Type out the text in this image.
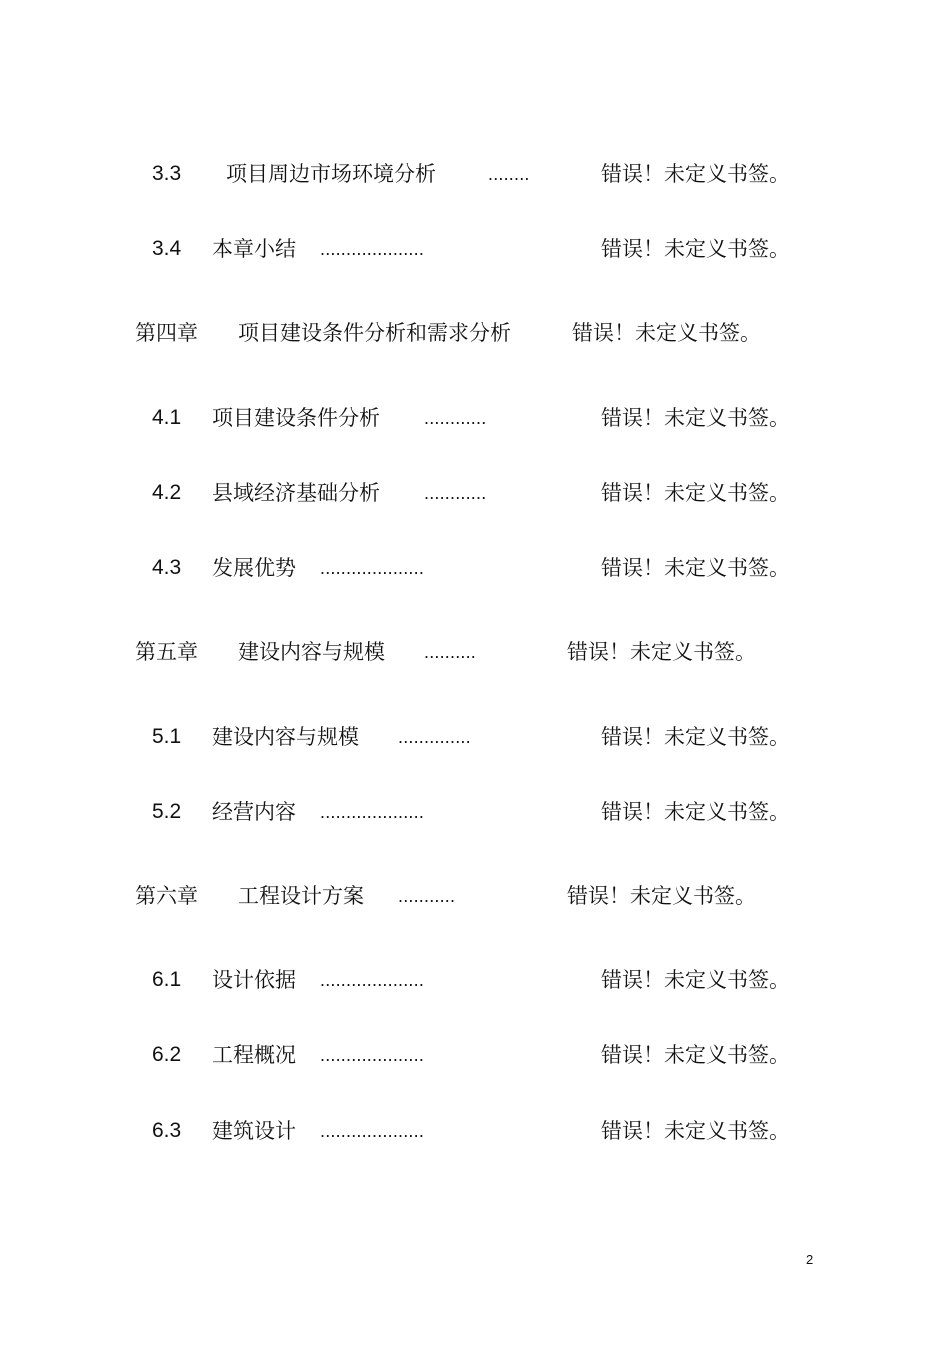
3.3 项目周边市场环境分析	........	错误！未定义书签。
3.4 本章小结 ....................	错误！未定义书签。
第四章 项目建设条件分析和需求分析	错误！未定义书签。
4.1 项目建设条件分析 ............	错误！未定义书签。
4.2 县域经济基础分析 ............	错误！未定义书签。
4.3 发展优势 ....................	错误！未定义书签。
第五章 建设内容与规模 ..........	错误！未定义书签。
5.1 建设内容与规模 ..............	错误！未定义书签。
5.2 经营内容 ....................	错误！未定义书签。
第六章 工程设计方案 ...........	错误！未定义书签。
6.1 设计依据 ....................	错误！未定义书签。
6.2 工程概况 ....................	错误！未定义书签。
6.3 建筑设计 ....................	错误！未定义书签。
2
